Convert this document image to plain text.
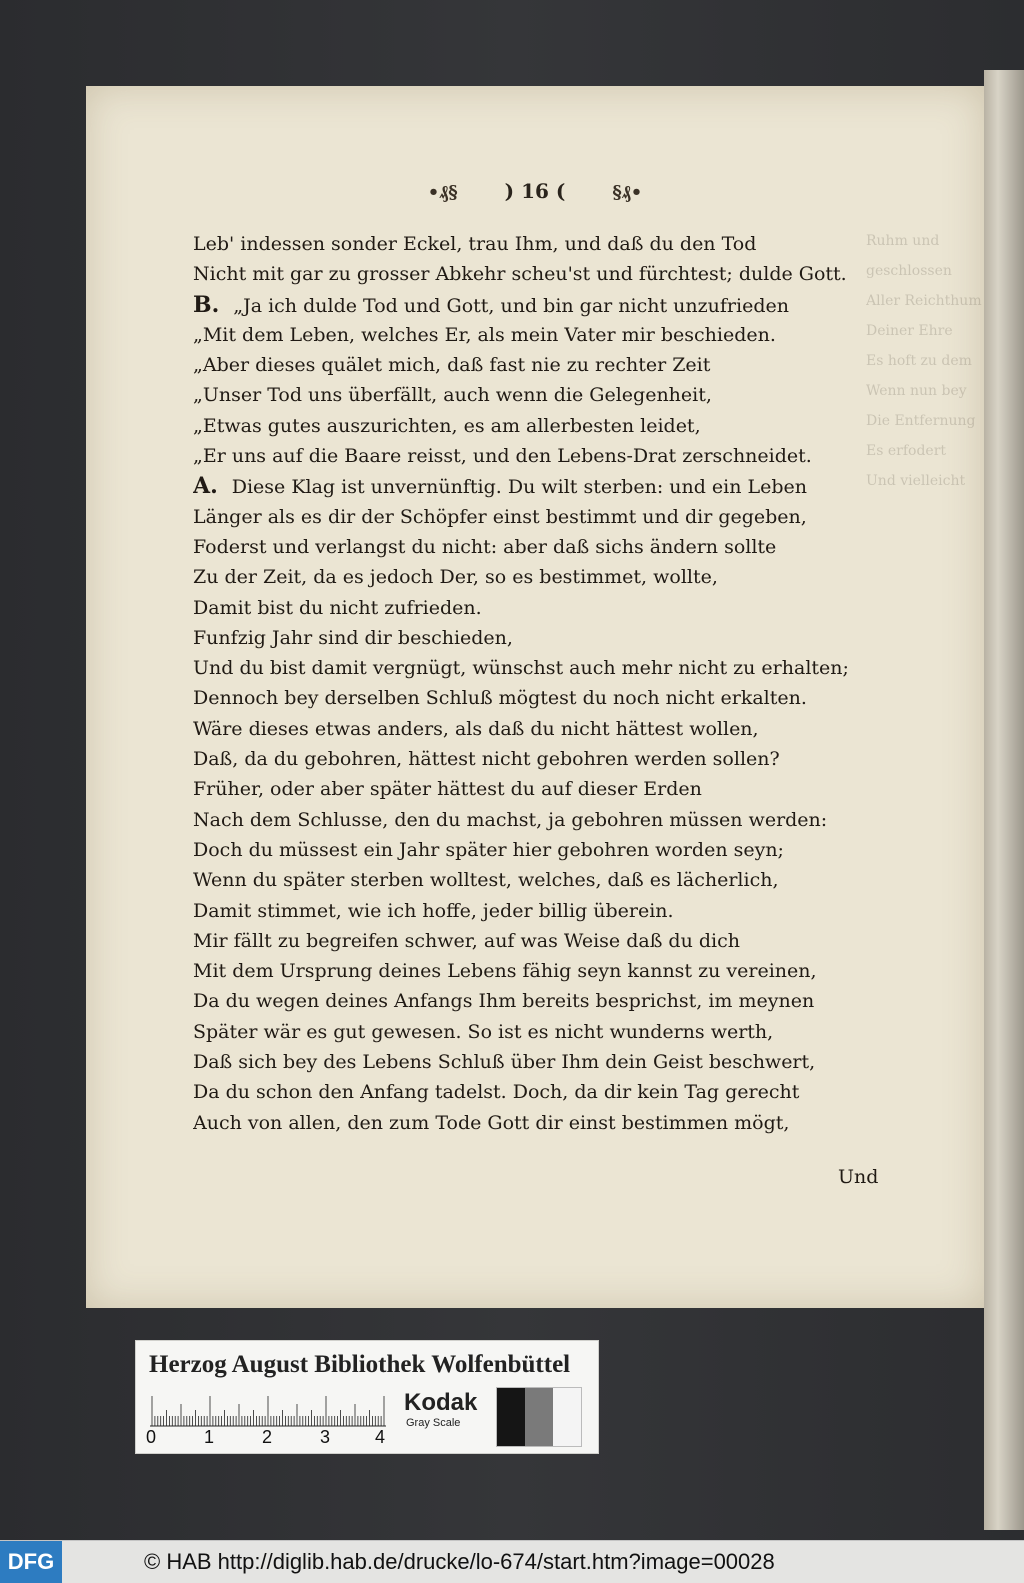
Ruhm und geschlossen
Aller Reichthum
Deiner Ehre
Es hoft zu dem
Wenn nun bey
Die Entfernung
Es erfodert
Und vielleicht
•₰§ ) 16 (	§₰•
Leb' indessen sonder Eckel, trau Ihm, und daß du den Tod
Nicht mit gar zu grosser Abkehr scheu'st und fürchtest; dulde Gott.
B. „Ja ich dulde Tod und Gott, und bin gar nicht unzufrieden
„Mit dem Leben, welches Er, als mein Vater mir beschieden.
„Aber dieses quälet mich, daß fast nie zu rechter Zeit
„Unser Tod uns überfällt, auch wenn die Gelegenheit,
„Etwas gutes auszurichten, es am allerbesten leidet,
„Er uns auf die Baare reisst, und den Lebens-Drat zerschneidet.
A. Diese Klag ist unvernünftig. Du wilt sterben: und ein Leben
Länger als es dir der Schöpfer einst bestimmt und dir gegeben,
Foderst und verlangst du nicht: aber daß sichs ändern sollte
Zu der Zeit, da es jedoch Der, so es bestimmet, wollte,
Damit bist du nicht zufrieden.
Funfzig Jahr sind dir beschieden,
Und du bist damit vergnügt, wünschst auch mehr nicht zu erhalten;
Dennoch bey derselben Schluß mögtest du noch nicht erkalten.
Wäre dieses etwas anders, als daß du nicht hättest wollen,
Daß, da du gebohren, hättest nicht gebohren werden sollen?
Früher, oder aber später hättest du auf dieser Erden
Nach dem Schlusse, den du machst, ja gebohren müssen werden:
Doch du müssest ein Jahr später hier gebohren worden seyn;
Wenn du später sterben wolltest, welches, daß es lächerlich,
Damit stimmet, wie ich hoffe, jeder billig überein.
Mir fällt zu begreifen schwer, auf was Weise daß du dich
Mit dem Ursprung deines Lebens fähig seyn kannst zu vereinen,
Da du wegen deines Anfangs Ihm bereits besprichst, im meynen
Später wär es gut gewesen. So ist es nicht wunderns werth,
Daß sich bey des Lebens Schluß über Ihm dein Geist beschwert,
Da du schon den Anfang tadelst. Doch, da dir kein Tag gerecht
Auch von allen, den zum Tode Gott dir einst bestimmen mögt,
Und
Herzog August Bibliothek Wolfenbüttel
0	1	2	3 4
Kodak
Gray Scale
DFG	© HAB http://diglib.hab.de/drucke/lo-674/start.htm?image=00028
